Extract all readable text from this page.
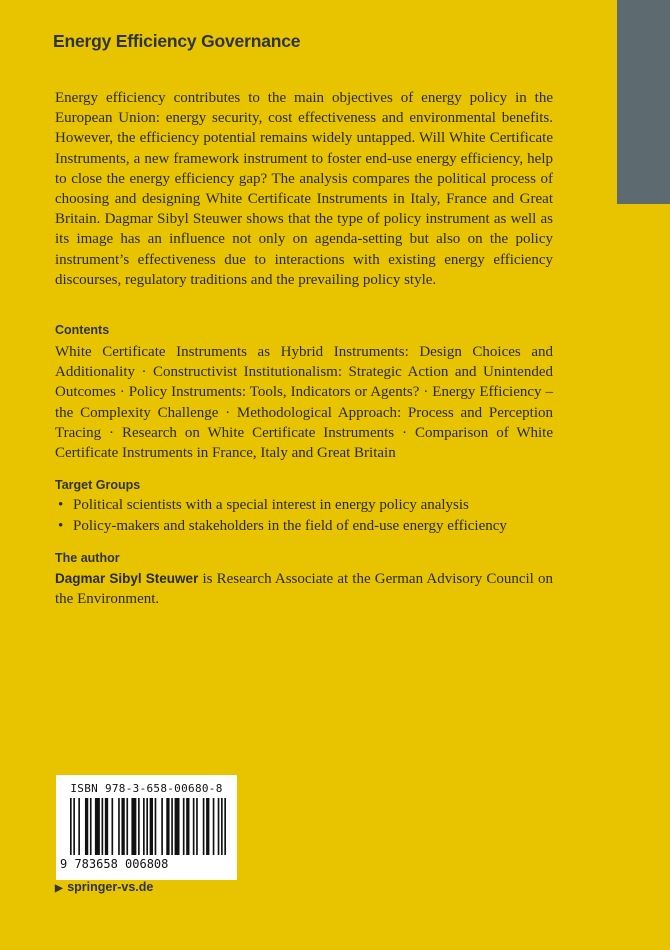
Energy Efficiency Governance

Energy efficiency contributes to the main objectives of energy policy in the European Union: energy security, cost effectiveness and environmental benefits. However, the efficiency potential remains widely untapped. Will White Certificate Instruments, a new framework instrument to foster end-use energy efficiency, help to close the energy efficiency gap? The analysis compares the political process of choosing and designing White Certificate Instruments in Italy, France and Great Britain. Dagmar Sibyl Steuwer shows that the type of policy instrument as well as its image has an influence not only on agenda-setting but also on the policy instrument’s effectiveness due to interactions with existing energy efficiency discourses, regulatory traditions and the prevailing policy style.

Contents

White Certificate Instruments as Hybrid Instruments: Design Choices and Additionality · Constructivist Institutionalism: Strategic Action and Unintended Outcomes · Policy Instruments: Tools, Indicators or Agents? · Energy Efficiency – the Complexity Challenge · Methodological Approach: Process and Perception Tracing · Research on White Certificate Instruments · Comparison of White Certificate Instruments in France, Italy and Great Britain

Target Groups
• Political scientists with a special interest in energy policy analysis
• Policy-makers and stakeholders in the field of end-use energy efficiency
The author

Dagmar Sibyl Steuwer is Research Associate at the German Advisory Council on the Environment.

ISBN 978-3-658-00680-8
9 783658 006808
▶ springer-vs.de
